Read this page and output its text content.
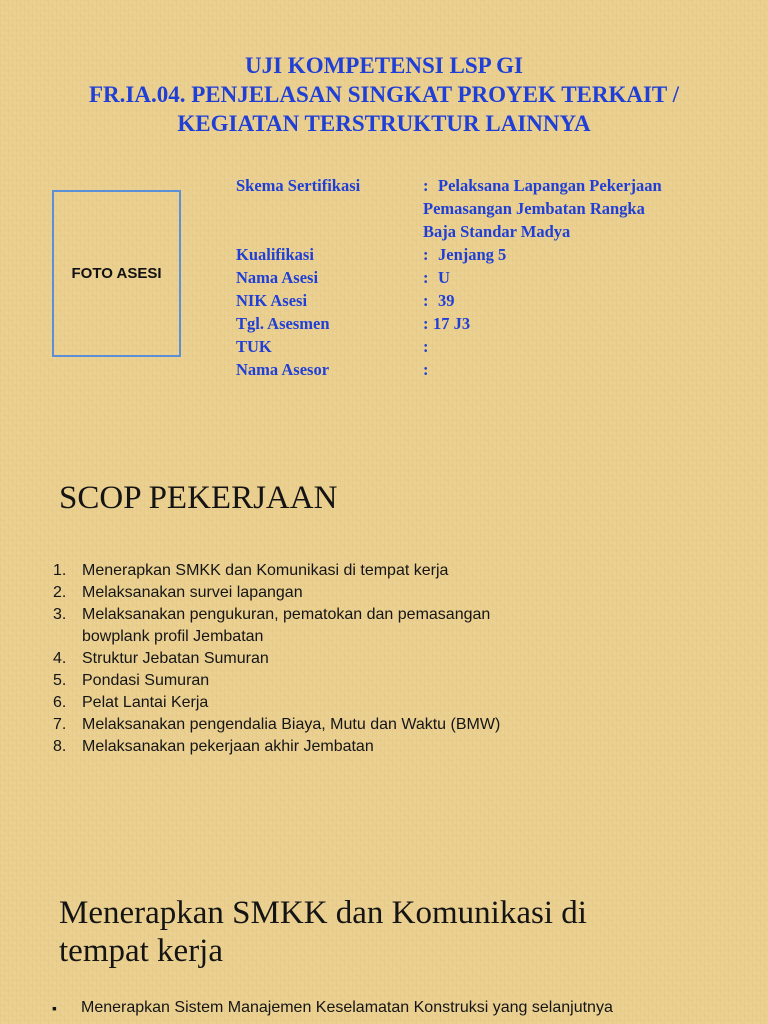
UJI KOMPETENSI LSP GI
FR.IA.04. PENJELASAN SINGKAT PROYEK TERKAIT /
KEGIATAN TERSTRUKTUR LAINNYA
FOTO ASESI
Skema Sertifikasi	: Pelaksana Lapangan Pekerjaan
Pemasangan Jembatan Rangka
Baja Standar Madya
Kualifikasi	: Jenjang 5
Nama Asesi	: U
NIK Asesi	: 39
Tgl. Asesmen	: 17 J3
TUK	:
Nama Asesor	:
SCOP PEKERJAAN
1. Menerapkan SMKK dan Komunikasi di tempat kerja
2. Melaksanakan survei lapangan
3. Melaksanakan pengukuran, pematokan dan pemasangan
bowplank profil Jembatan
4. Struktur Jebatan Sumuran
5. Pondasi Sumuran
6. Pelat Lantai Kerja
7. Melaksanakan pengendalia Biaya, Mutu dan Waktu (BMW)
8. Melaksanakan pekerjaan akhir Jembatan
Menerapkan SMKK dan Komunikasi di
tempat kerja
▪ Menerapkan Sistem Manajemen Keselamatan Konstruksi yang selanjutnya
